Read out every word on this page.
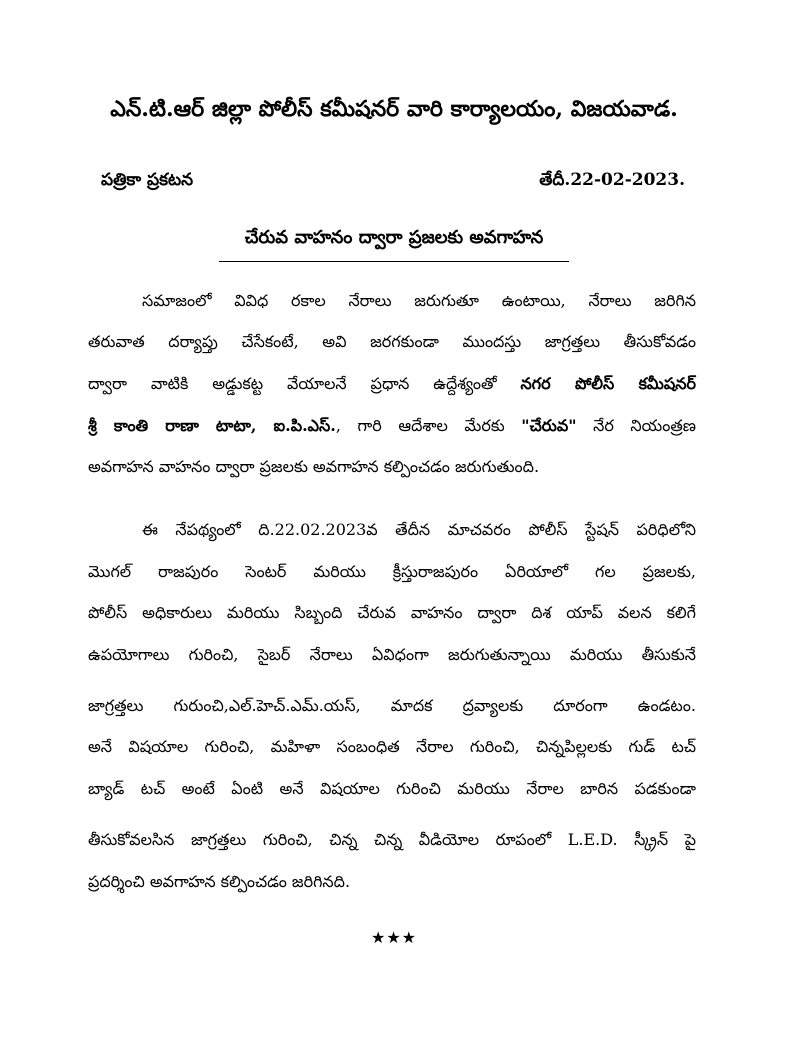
ఎన్.టి.ఆర్ జిల్లా పోలీస్ కమీషనర్ వారి కార్యాలయం, విజయవాడ.
పత్రికా ప్రకటన	తేదీ.22-02-2023.
చేరువ వాహనం ద్వారా ప్రజలకు అవగాహన
సమాజంలో వివిధ రకాల నేరాలు జరుగుతూ ఉంటాయి, నేరాలు జరిగిన
తరువాత దర్యాప్తు చేసేకంటే, అవి జరగకుండా ముందస్తు జాగ్రత్తలు తీసుకోవడం
ద్వారా వాటికి అడ్డుకట్ట వేయాలనే ప్రధాన ఉద్దేశ్యంతో నగర పోలీస్ కమీషనర్
శ్రీ కాంతి రాణా టాటా, ఐ.పి.ఎస్., గారి ఆదేశాల మేరకు "చేరువ" నేర నియంత్రణ
అవగాహన వాహనం ద్వారా ప్రజలకు అవగాహన కల్పించడం జరుగుతుంది.
ఈ నేపథ్యంలో ది.22.02.2023వ తేదీన మాచవరం పోలీస్ స్టేషన్ పరిధిలోని
మొగల్ రాజపురం సెంటర్ మరియు క్రీస్తురాజపురం ఏరియాలో గల ప్రజలకు,
పోలీస్ అధికారులు మరియు సిబ్బంది చేరువ వాహనం ద్వారా దిశ యాప్ వలన కలిగే
ఉపయోగాలు గురించి, సైబర్ నేరాలు ఏవిధంగా జరుగుతున్నాయి మరియు తీసుకునే
జాగ్రత్తలు గురుంచి,ఎల్.హెచ్.ఎమ్.యస్, మాదక ద్రవ్యాలకు దూరంగా ఉండటం.
అనే విషయాల గురించి, మహిళా సంబంధిత నేరాల గురించి, చిన్నపిల్లలకు గుడ్ టచ్
బ్యాడ్ టచ్ అంటే ఏంటి అనే విషయాల గురించి మరియు నేరాల బారిన పడకుండా
తీసుకోవలసిన జాగ్రత్తలు గురించి, చిన్న చిన్న వీడియోల రూపంలో L.E.D. స్క్రీన్ పై
ప్రదర్శించి అవగాహన కల్పించడం జరిగినది.
★★★
